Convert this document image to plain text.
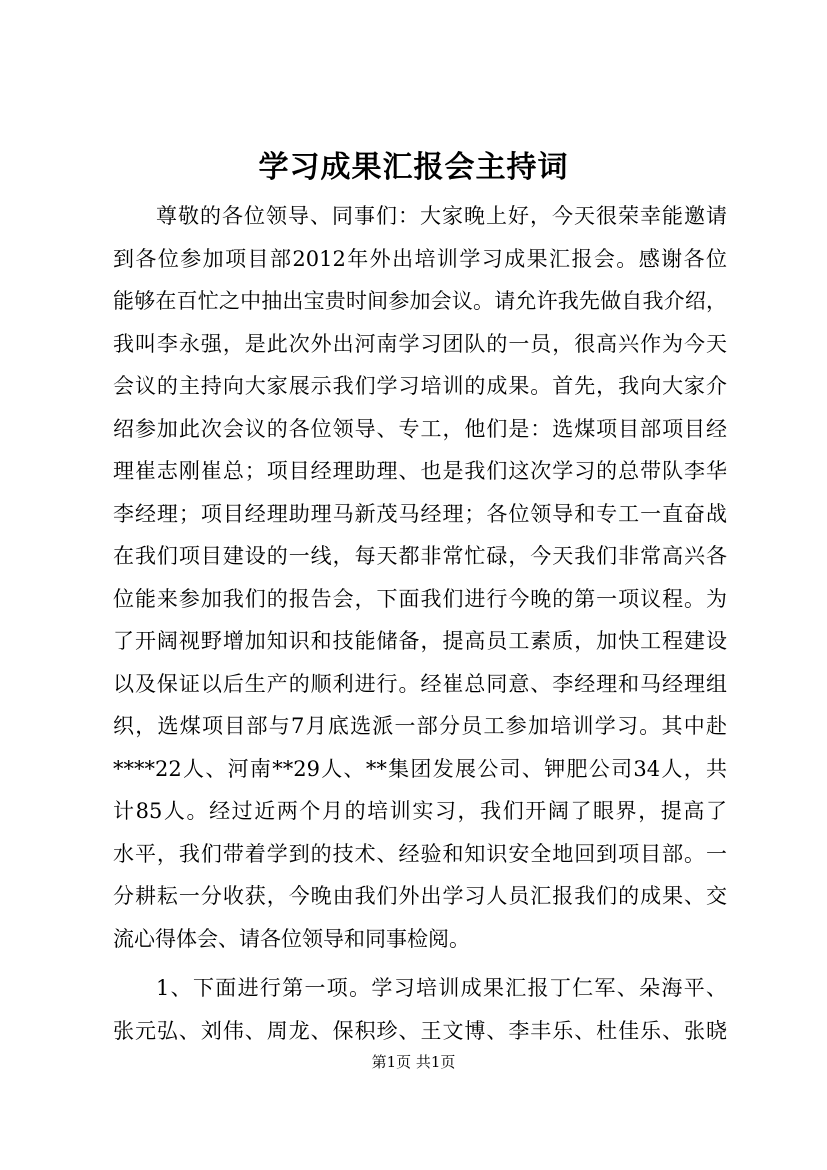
学习成果汇报会主持词
尊敬的各位领导、同事们：大家晚上好，今天很荣幸能邀请
到各位参加项目部2012年外出培训学习成果汇报会。感谢各位
能够在百忙之中抽出宝贵时间参加会议。请允许我先做自我介绍，
我叫李永强，是此次外出河南学习团队的一员，很高兴作为今天
会议的主持向大家展示我们学习培训的成果。首先，我向大家介
绍参加此次会议的各位领导、专工，他们是：选煤项目部项目经
理崔志刚崔总；项目经理助理、也是我们这次学习的总带队李华
李经理；项目经理助理马新茂马经理；各位领导和专工一直奋战
在我们项目建设的一线，每天都非常忙碌，今天我们非常高兴各
位能来参加我们的报告会，下面我们进行今晚的第一项议程。为
了开阔视野增加知识和技能储备，提高员工素质，加快工程建设
以及保证以后生产的顺利进行。经崔总同意、李经理和马经理组
织，选煤项目部与7月底选派一部分员工参加培训学习。其中赴
****22人、河南**29人、**集团发展公司、钾肥公司34人，共
计85人。经过近两个月的培训实习，我们开阔了眼界，提高了
水平，我们带着学到的技术、经验和知识安全地回到项目部。一
分耕耘一分收获，今晚由我们外出学习人员汇报我们的成果、交
流心得体会、请各位领导和同事检阅。
1、下面进行第一项。学习培训成果汇报丁仁军、朵海平、
张元弘、刘伟、周龙、保积珍、王文博、李丰乐、杜佳乐、张晓
第1页 共1页
